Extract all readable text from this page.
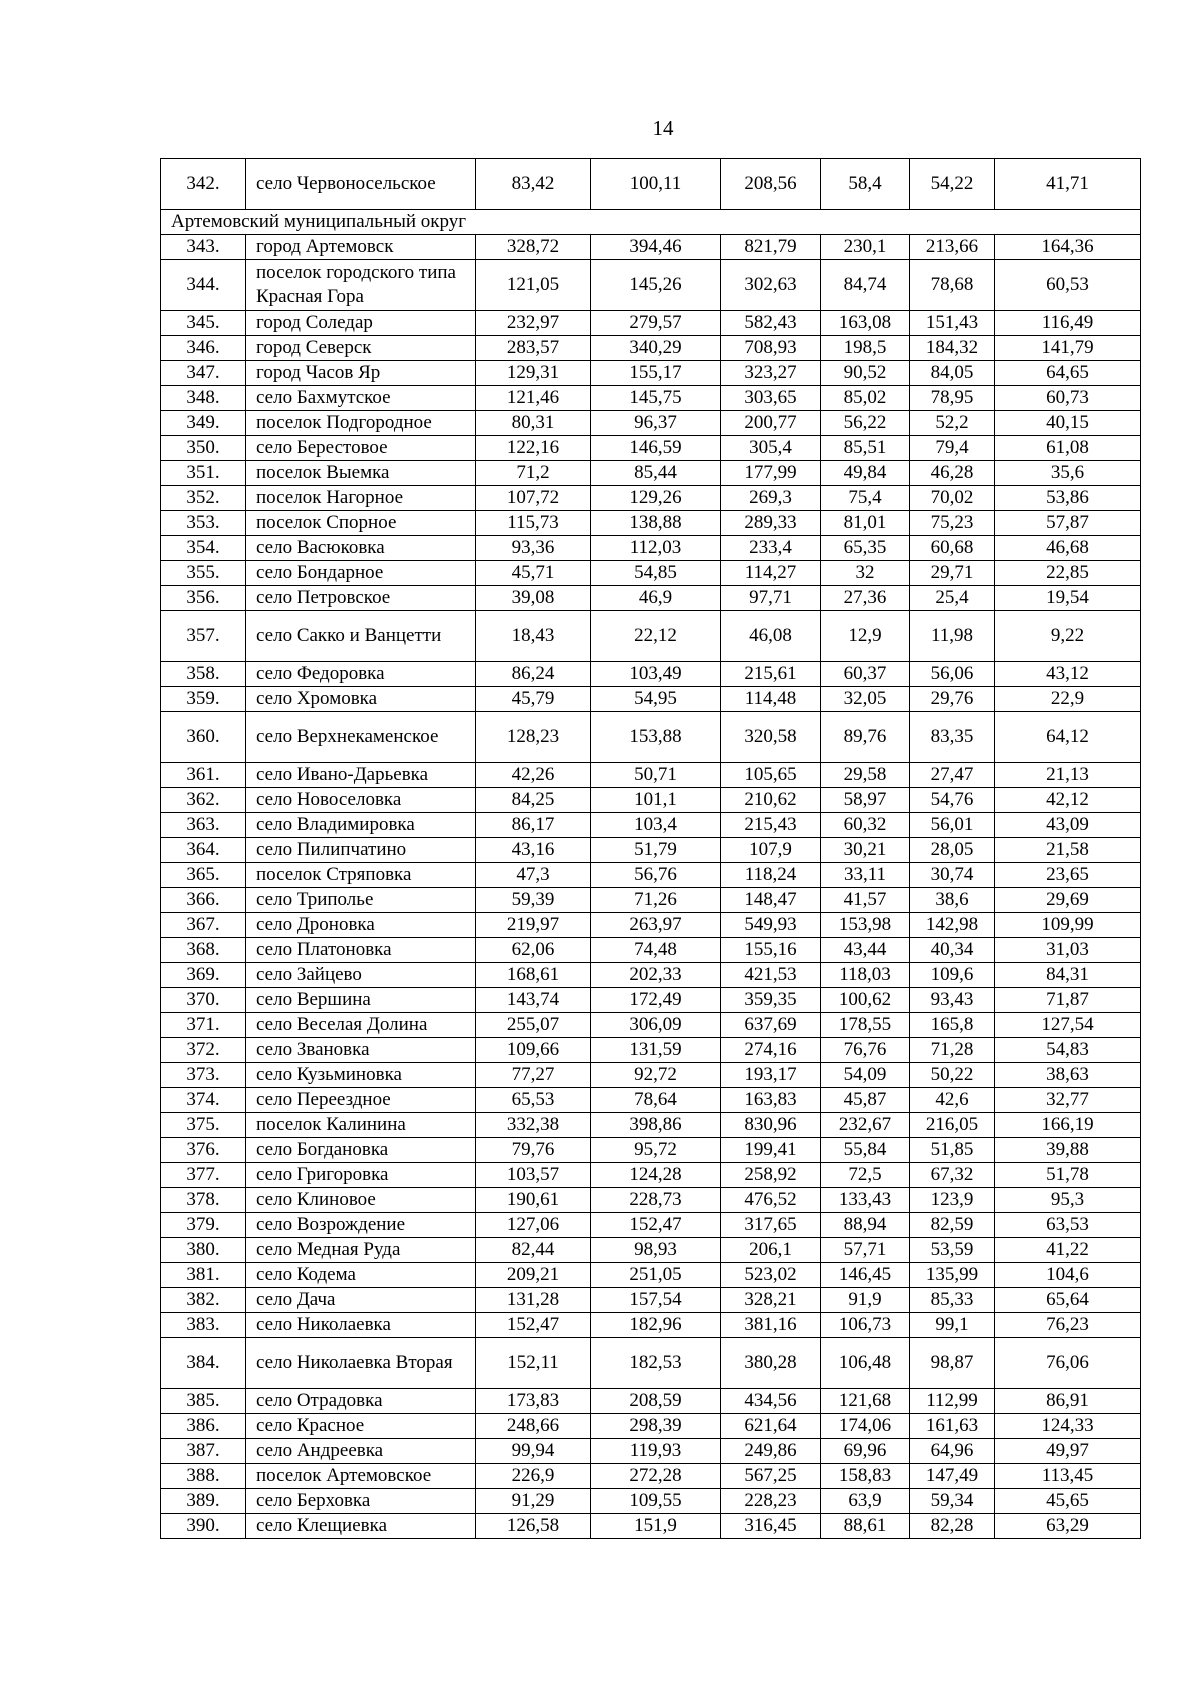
14
342.	село Червоносельское	83,42	100,11	208,56	58,4	54,22	41,71
Артемовский муниципальный округ							
343.	город Артемовск	328,72	394,46	821,79	230,1	213,66	164,36
344.	поселок городского типа Красная Гора	121,05	145,26	302,63	84,74	78,68	60,53
345.	город Соледар	232,97	279,57	582,43	163,08	151,43	116,49
346.	город Северск	283,57	340,29	708,93	198,5	184,32	141,79
347.	город Часов Яр	129,31	155,17	323,27	90,52	84,05	64,65
348.	село Бахмутское	121,46	145,75	303,65	85,02	78,95	60,73
349.	поселок Подгородное	80,31	96,37	200,77	56,22	52,2	40,15
350.	село Берестовое	122,16	146,59	305,4	85,51	79,4	61,08
351.	поселок Выемка	71,2	85,44	177,99	49,84	46,28	35,6
352.	поселок Нагорное	107,72	129,26	269,3	75,4	70,02	53,86
353.	поселок Спорное	115,73	138,88	289,33	81,01	75,23	57,87
354.	село Васюковка	93,36	112,03	233,4	65,35	60,68	46,68
355.	село Бондарное	45,71	54,85	114,27	32	29,71	22,85
356.	село Петровское	39,08	46,9	97,71	27,36	25,4	19,54
357.	село Сакко и Ванцетти	18,43	22,12	46,08	12,9	11,98	9,22
358.	село Федоровка	86,24	103,49	215,61	60,37	56,06	43,12
359.	село Хромовка	45,79	54,95	114,48	32,05	29,76	22,9
360.	село Верхнекаменское	128,23	153,88	320,58	89,76	83,35	64,12
361.	село Ивано-Дарьевка	42,26	50,71	105,65	29,58	27,47	21,13
362.	село Новоселовка	84,25	101,1	210,62	58,97	54,76	42,12
363.	село Владимировка	86,17	103,4	215,43	60,32	56,01	43,09
364.	село Пилипчатино	43,16	51,79	107,9	30,21	28,05	21,58
365.	поселок Стряповка	47,3	56,76	118,24	33,11	30,74	23,65
366.	село Триполье	59,39	71,26	148,47	41,57	38,6	29,69
367.	село Дроновка	219,97	263,97	549,93	153,98	142,98	109,99
368.	село Платоновка	62,06	74,48	155,16	43,44	40,34	31,03
369.	село Зайцево	168,61	202,33	421,53	118,03	109,6	84,31
370.	село Вершина	143,74	172,49	359,35	100,62	93,43	71,87
371.	село Веселая Долина	255,07	306,09	637,69	178,55	165,8	127,54
372.	село Звановка	109,66	131,59	274,16	76,76	71,28	54,83
373.	село Кузьминовка	77,27	92,72	193,17	54,09	50,22	38,63
374.	село Переездное	65,53	78,64	163,83	45,87	42,6	32,77
375.	поселок Калинина	332,38	398,86	830,96	232,67	216,05	166,19
376.	село Богдановка	79,76	95,72	199,41	55,84	51,85	39,88
377.	село Григоровка	103,57	124,28	258,92	72,5	67,32	51,78
378.	село Клиновое	190,61	228,73	476,52	133,43	123,9	95,3
379.	село Возрождение	127,06	152,47	317,65	88,94	82,59	63,53
380.	село Медная Руда	82,44	98,93	206,1	57,71	53,59	41,22
381.	село Кодема	209,21	251,05	523,02	146,45	135,99	104,6
382.	село Дача	131,28	157,54	328,21	91,9	85,33	65,64
383.	село Николаевка	152,47	182,96	381,16	106,73	99,1	76,23
384.	село Николаевка Вторая	152,11	182,53	380,28	106,48	98,87	76,06
385.	село Отрадовка	173,83	208,59	434,56	121,68	112,99	86,91
386.	село Красное	248,66	298,39	621,64	174,06	161,63	124,33
387.	село Андреевка	99,94	119,93	249,86	69,96	64,96	49,97
388.	поселок Артемовское	226,9	272,28	567,25	158,83	147,49	113,45
389.	село Берховка	91,29	109,55	228,23	63,9	59,34	45,65
390.	село Клещиевка	126,58	151,9	316,45	88,61	82,28	63,29
